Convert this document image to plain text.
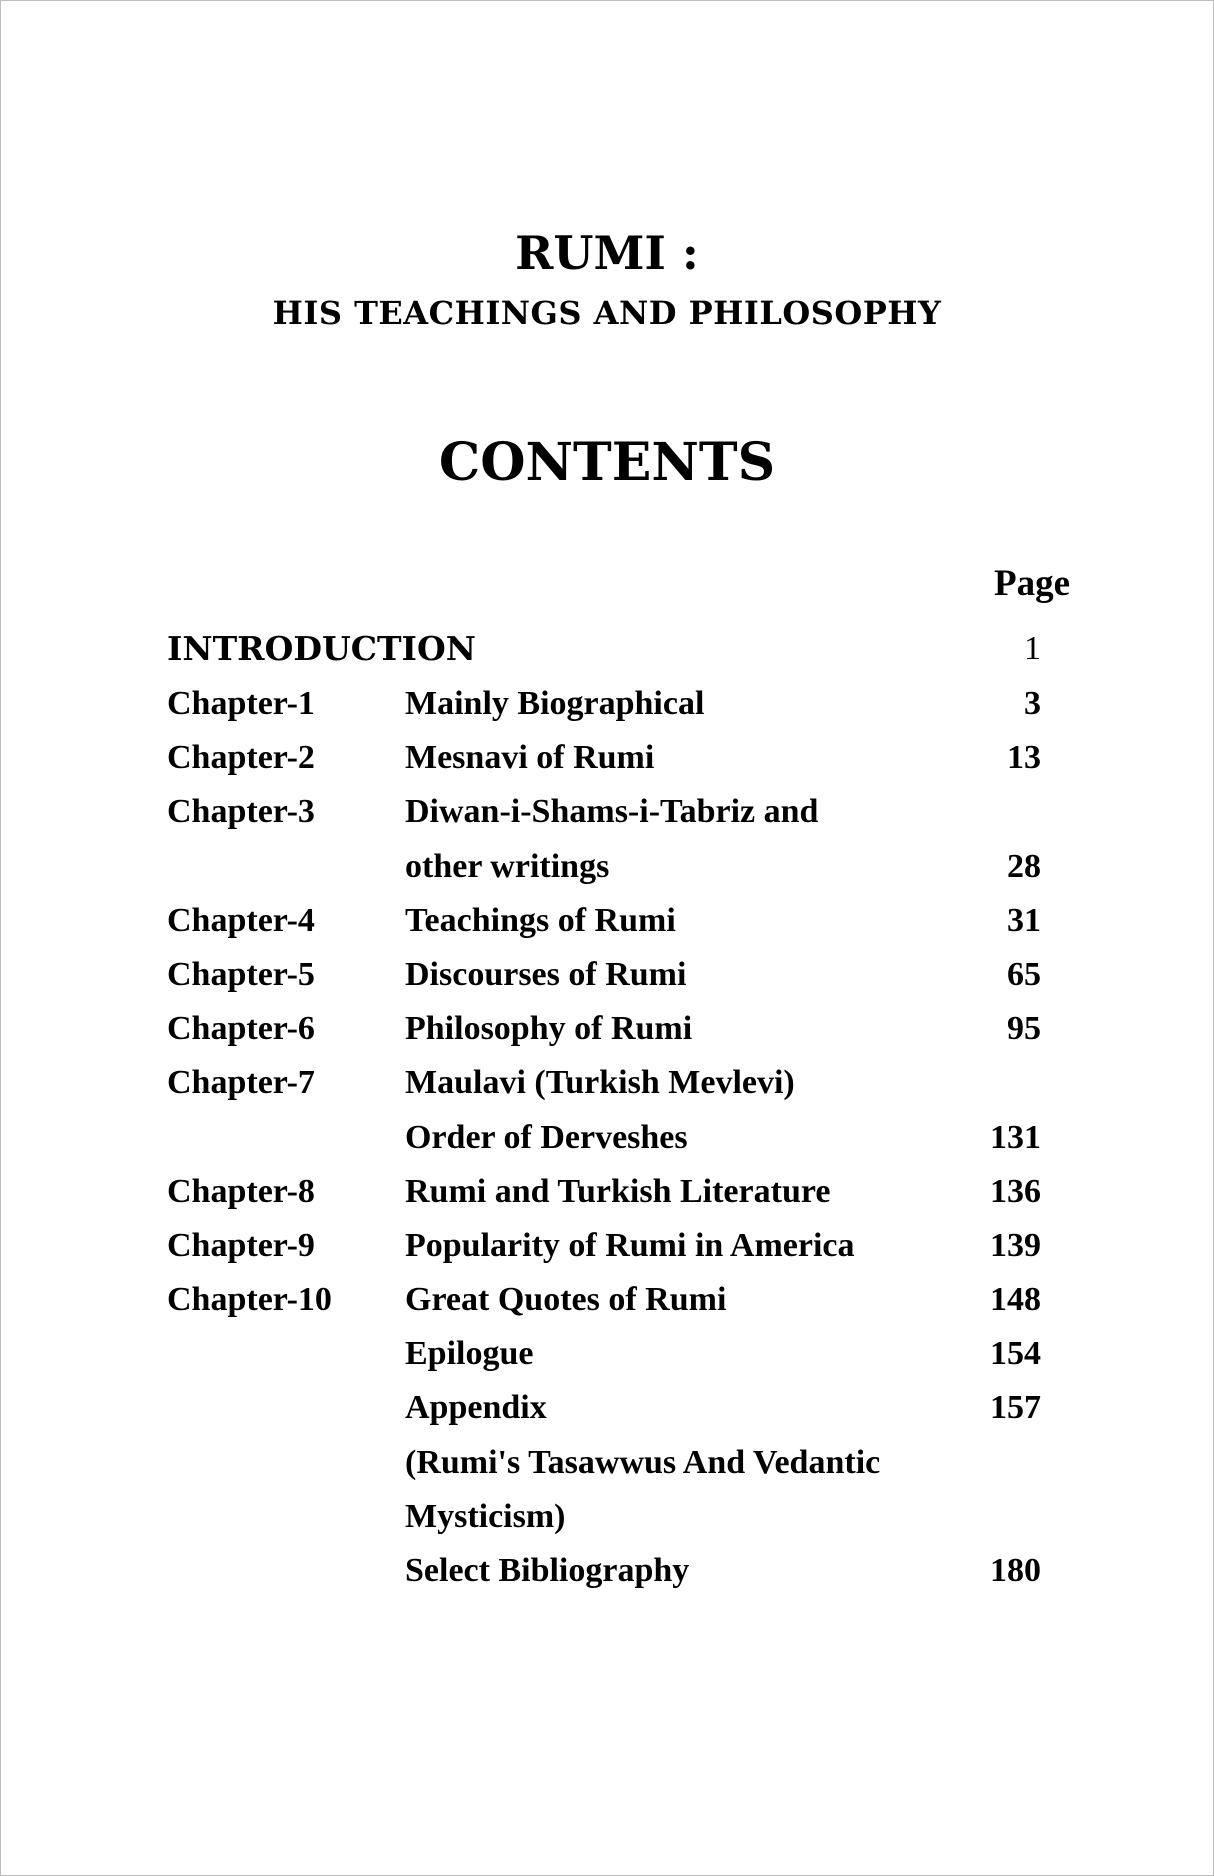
RUMI :
HIS TEACHINGS AND PHILOSOPHY
CONTENTS
Page
INTRODUCTION	1
Chapter-1	Mainly Biographical	3
Chapter-2	Mesnavi of Rumi	13
Chapter-3	Diwan-i-Shams-i-Tabriz and
other writings	28
Chapter-4	Teachings of Rumi	31
Chapter-5	Discourses of Rumi	65
Chapter-6	Philosophy of Rumi	95
Chapter-7	Maulavi (Turkish Mevlevi)
Order of Derveshes	131
Chapter-8	Rumi and Turkish Literature	136
Chapter-9	Popularity of Rumi in America	139
Chapter-10 Great Quotes of Rumi	148
Epilogue	154
Appendix	157
(Rumi's Tasawwus And Vedantic
Mysticism)
Select Bibliography	180
